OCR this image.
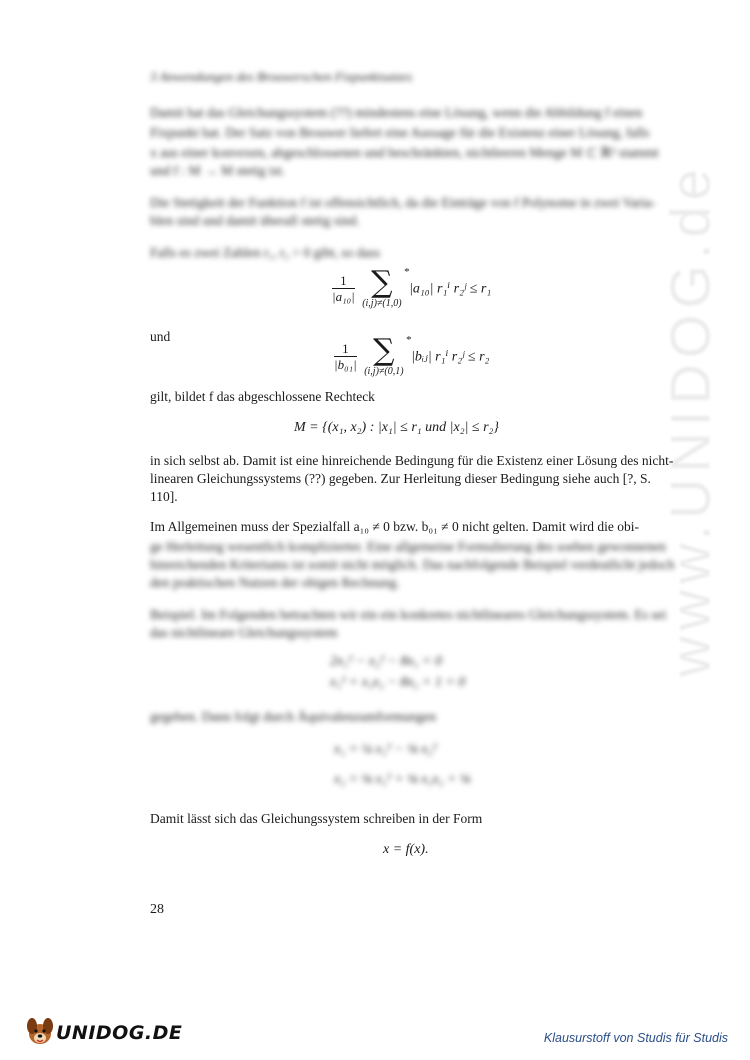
www.UNIDOG.de
3 Anwendungen des Brouwerschen Fixpunktsatzes
Damit hat das Gleichungssystem (??) mindestens eine Lösung, wenn die Abbildung f einen
Fixpunkt hat. Der Satz von Brouwer liefert eine Aussage für die Existenz einer Lösung, falls
x aus einer konvexen, abgeschlossenen und beschränkten, nichtleeren Menge M ⊂ ℝ² stammt
und f : M → M stetig ist.
Die Stetigkeit der Funktion f ist offensichtlich, da die Einträge von f Polynome in zwei Varia-
blen sind und damit überall stetig sind.
Falls es zwei Zahlen r₁, r₂ > 0 gibt, so dass
$\frac{1}{\text{|a₁₀|}}$
∑	*
(i,j)≠(1,0)
|a₁₀| r₁ⁱ r₂ʲ ≤ r₁
und
$\frac{1}{\text{|b₀₁|}}$
∑	*
(i,j)≠(0,1)
|bᵢⱼ| r₁ⁱ r₂ʲ ≤ r₂
gilt, bildet f das abgeschlossene Rechteck
M = {(x₁, x₂) : |x₁| ≤ r₁ und |x₂| ≤ r₂}
in sich selbst ab. Damit ist eine hinreichende Bedingung für die Existenz einer Lösung des nicht-
linearen Gleichungssystems (??) gegeben. Zur Herleitung dieser Bedingung siehe auch [?, S.
110].
Im Allgemeinen muss der Spezialfall a₁₀ ≠ 0 bzw. b₀₁ ≠ 0 nicht gelten. Damit wird die obi-
ge Herleitung wesentlich komplizierter. Eine allgemeine Formulierung des soeben gewonnenen
hinreichenden Kriteriums ist somit nicht möglich. Das nachfolgende Beispiel verdeutlicht jedoch
den praktischen Nutzen der obigen Rechnung.
Beispiel. Im Folgenden betrachten wir ein ein konkretes nichtlineares Gleichungssystem. Es sei
das nichtlineare Gleichungssystem
2x₁² − x₂² − 8x₁ = 0
x₁² + x₁x₂ − 8x₂ + 1 = 0
gegeben. Dann folgt durch Äquivalenzumformungen
x₁ = ¼ x₁² − ⅛ x₂²
x₂ = ⅛ x₁² + ⅛ x₁x₂ + ⅛
Damit lässt sich das Gleichungssystem schreiben in der Form
x = f(x).
28
UNIDOG.DE	Klausurstoff von Studis für Studis
